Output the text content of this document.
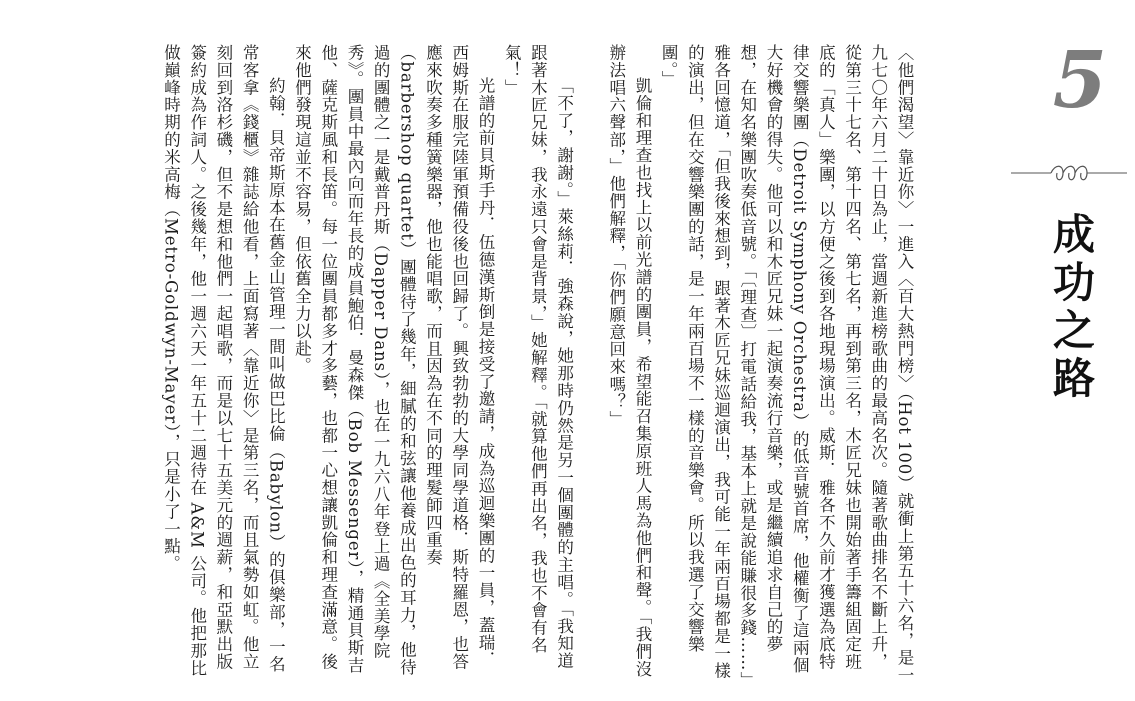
〈他們渴望〉靠近你〉一進入〈百大熱門榜〉（Hot 100）就衝上第五十六名，是一九七〇年六月二十日為止，當週新進榜歌曲的最高名次。隨著歌曲排名不斷上升，從第三十七名、第十四名、第七名，再到第三名，木匠兄妹也開始著手籌組固定班底的「真人」樂團，以方便之後到各地現場演出。威斯．雅各不久前才獲選為底特律交響樂團（Detroit Symphony Orchestra）的低音號首席，他權衡了這兩個大好機會的得失。他可以和木匠兄妹一起演奏流行音樂，或是繼續追求自己的夢想，在知名樂團吹奏低音號。「〔理查〕打電話給我，基本上就是說能賺很多錢……」雅各回憶道，「但我後來想到，跟著木匠兄妹巡迴演出，我可能一年兩百場都是一樣的演出，但在交響樂團的話，是一年兩百場不一樣的音樂會。所以我選了交響樂團。」

凱倫和理查也找上以前光譜的團員，希望能召集原班人馬為他們和聲。「我們沒辦法唱六聲部，」他們解釋，「你們願意回來嗎？」

「不了，謝謝。」萊絲莉．強森說，她那時仍然是另一個團體的主唱。「我知道跟著木匠兄妹，我永遠只會是背景，」她解釋。「就算他們再出名，我也不會有名氣！」

光譜的前貝斯手丹．伍德漢斯倒是接受了邀請，成為巡迴樂團的一員，蓋瑞．西姆斯在服完陸軍預備役後也回歸了。興致勃勃的大學同學道格．斯特羅恩，也答應來吹奏多種簧樂器，他也能唱歌，而且因為在不同的理髮師四重奏（barbershop quartet）團體待了幾年，細膩的和弦讓他養成出色的耳力，他待過的團體之一是戴普丹斯（Dapper Dans），也在一九六八年登上過《全美學院秀》。團員中最內向而年長的成員鮑伯．曼森傑（Bob Messenger），精通貝斯吉他、薩克斯風和長笛。每一位團員都多才多藝，也都一心想讓凱倫和理查滿意。後來他們發現這並不容易，但依舊全力以赴。

約翰．貝帝斯原本在舊金山管理一間叫做巴比倫（Babylon）的俱樂部，一名常客拿《錢櫃》雜誌給他看，上面寫著〈靠近你〉是第三名，而且氣勢如虹。他立刻回到洛杉磯，但不是想和他們一起唱歌，而是以七十五美元的週薪，和亞默出版簽約成為作詞人。之後幾年，他一週六天一年五十二週待在 A&M 公司。他把那比做巔峰時期的米高梅（Metro-Goldwyn-Mayer），只是小了一點。	5
成功之路
